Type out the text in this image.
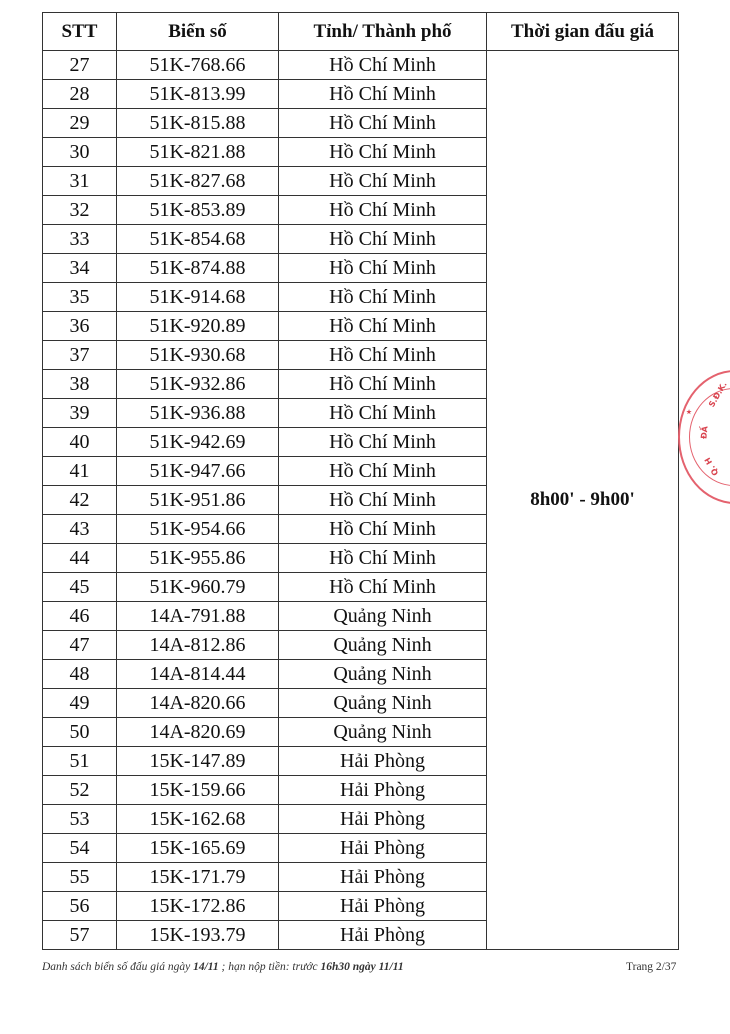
STT	Biển số	Tỉnh/ Thành phố	Thời gian đấu giá
27	51K-768.66	Hồ Chí Minh	8h00' - 9h00'
28	51K-813.99	Hồ Chí Minh	
29	51K-815.88	Hồ Chí Minh	
30	51K-821.88	Hồ Chí Minh	
31	51K-827.68	Hồ Chí Minh	
32	51K-853.89	Hồ Chí Minh	
33	51K-854.68	Hồ Chí Minh	
34	51K-874.88	Hồ Chí Minh	
35	51K-914.68	Hồ Chí Minh	
36	51K-920.89	Hồ Chí Minh	
37	51K-930.68	Hồ Chí Minh	
38	51K-932.86	Hồ Chí Minh	
39	51K-936.88	Hồ Chí Minh	
40	51K-942.69	Hồ Chí Minh	
41	51K-947.66	Hồ Chí Minh	
42	51K-951.86	Hồ Chí Minh	
43	51K-954.66	Hồ Chí Minh	
44	51K-955.86	Hồ Chí Minh	
45	51K-960.79	Hồ Chí Minh	
46	14A-791.88	Quảng Ninh	
47	14A-812.86	Quảng Ninh	
48	14A-814.44	Quảng Ninh	
49	14A-820.66	Quảng Ninh	
50	14A-820.69	Quảng Ninh	
51	15K-147.89	Hải Phòng	
52	15K-159.66	Hải Phòng	
53	15K-162.68	Hải Phòng	
54	15K-165.69	Hải Phòng	
55	15K-171.79	Hải Phòng	
56	15K-172.86	Hải Phòng	
57	15K-193.79	Hải Phòng	
Danh sách biển số đấu giá ngày 14/11 ; hạn nộp tiền: trước 16h30 ngày 11/11	Trang 2/37
★
S.Đ.K.
ĐẤ
Q. H
